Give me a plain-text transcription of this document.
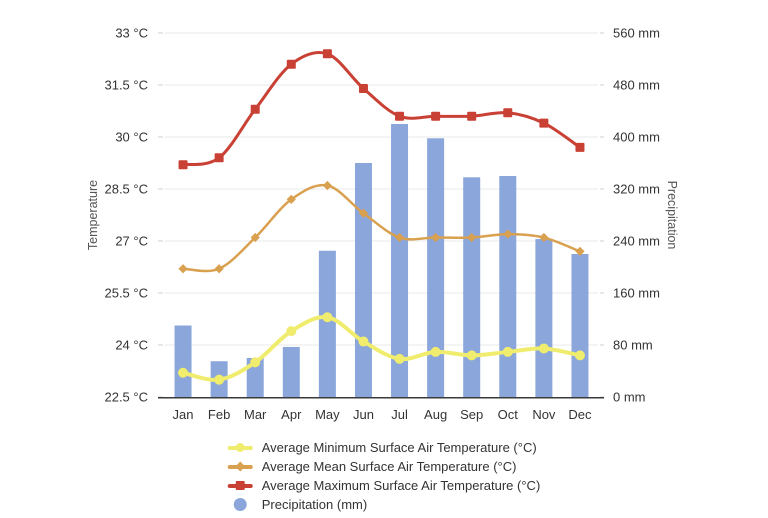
22.5 °C
24 °C
25.5 °C
27 °C
28.5 °C
30 °C
31.5 °C
33 °C
0 mm
80 mm
160 mm
240 mm
320 mm
400 mm
480 mm
560 mm
Jan Feb Mar Apr May Jun Jul Aug Sep Oct Nov Dec
Temperature	Precipitation
Average Minimum Surface Air Temperature (°C)
Average Mean Surface Air Temperature (°C)
Average Maximum Surface Air Temperature (°C)
Precipitation (mm)
